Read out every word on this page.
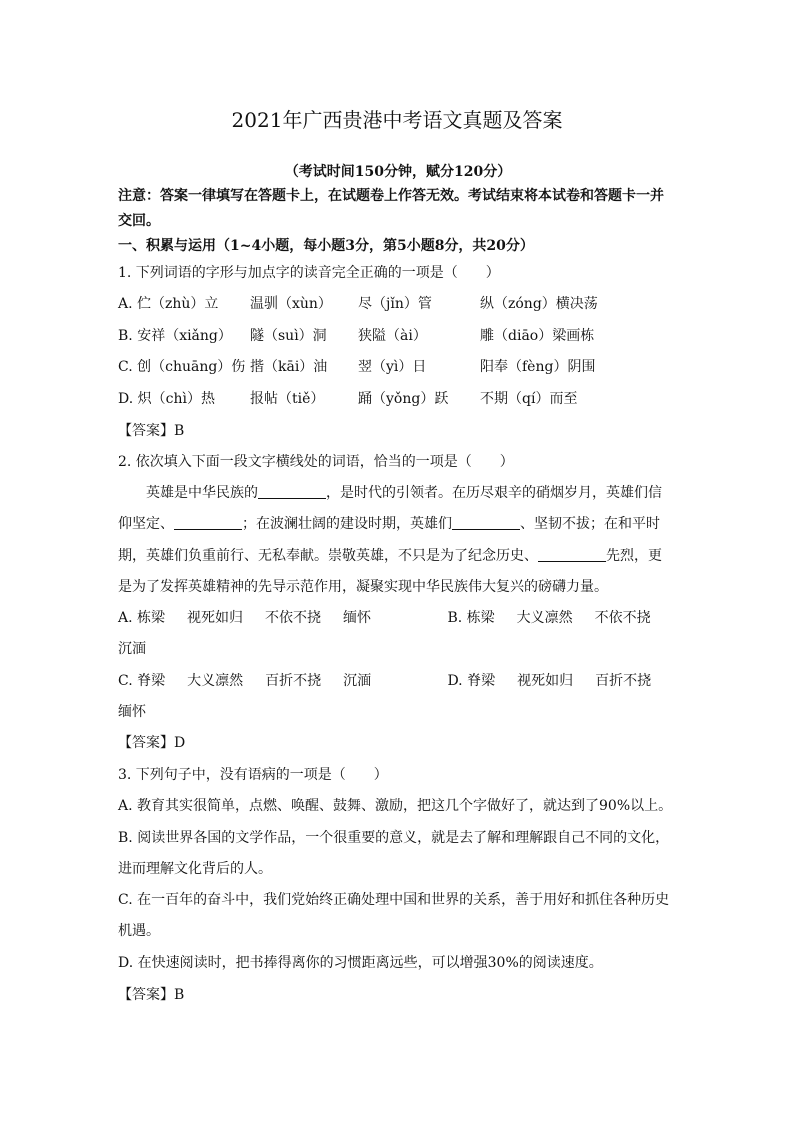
2021年广西贵港中考语文真题及答案
（考试时间150分钟，赋分120分）
注意：答案一律填写在答题卡上，在试题卷上作答无效。考试结束将本试卷和答题卡一并
交回。
一、积累与运用（1~4小题，每小题3分，第5小题8分，共20分）
1. 下列词语的字形与加点字的读音完全正确的一项是（　　）
A. 伫（zhù）立 温驯（xùn） 尽（jǐn）管	纵（zóng）横决荡
B. 安祥（xiǎng） 隧（suì）洞 狭隘（ài）	雕（diāo）梁画栋
C. 创（chuāng）伤 揩（kāi）油 翌（yì）日	阳奉（fèng）阴围
D. 炽（chì）热	报帖（tiě） 踊（yǒng）跃 不期（qí）而至
【答案】B
2. 依次填入下面一段文字横线处的词语，恰当的一项是（　　）
英雄是中华民族的	，是时代的引领者。在历尽艰辛的硝烟岁月，英雄们信
仰坚定、	；在波澜壮阔的建设时期，英雄们	、坚韧不拔；在和平时
期，英雄们负重前行、无私奉献。崇敬英雄，不只是为了纪念历史、	先烈，更
是为了发挥英雄精神的先导示范作用，凝聚实现中华民族伟大复兴的磅礴力量。
A. 栋梁 视死如归 不依不挠 缅怀	B. 栋梁 大义凛然 不依不挠
沉湎
C. 脊梁 大义凛然 百折不挠 沉湎	D. 脊梁 视死如归 百折不挠
缅怀
【答案】D
3. 下列句子中，没有语病的一项是（　　）
A. 教育其实很简单，点燃、唤醒、鼓舞、激励，把这几个字做好了，就达到了90%以上。
B. 阅读世界各国的文学作品，一个很重要的意义，就是去了解和理解跟自己不同的文化，
进而理解文化背后的人。
C. 在一百年的奋斗中，我们党始终正确处理中国和世界的关系，善于用好和抓住各种历史
机遇。
D. 在快速阅读时，把书捧得离你的习惯距离远些，可以增强30%的阅读速度。
【答案】B
